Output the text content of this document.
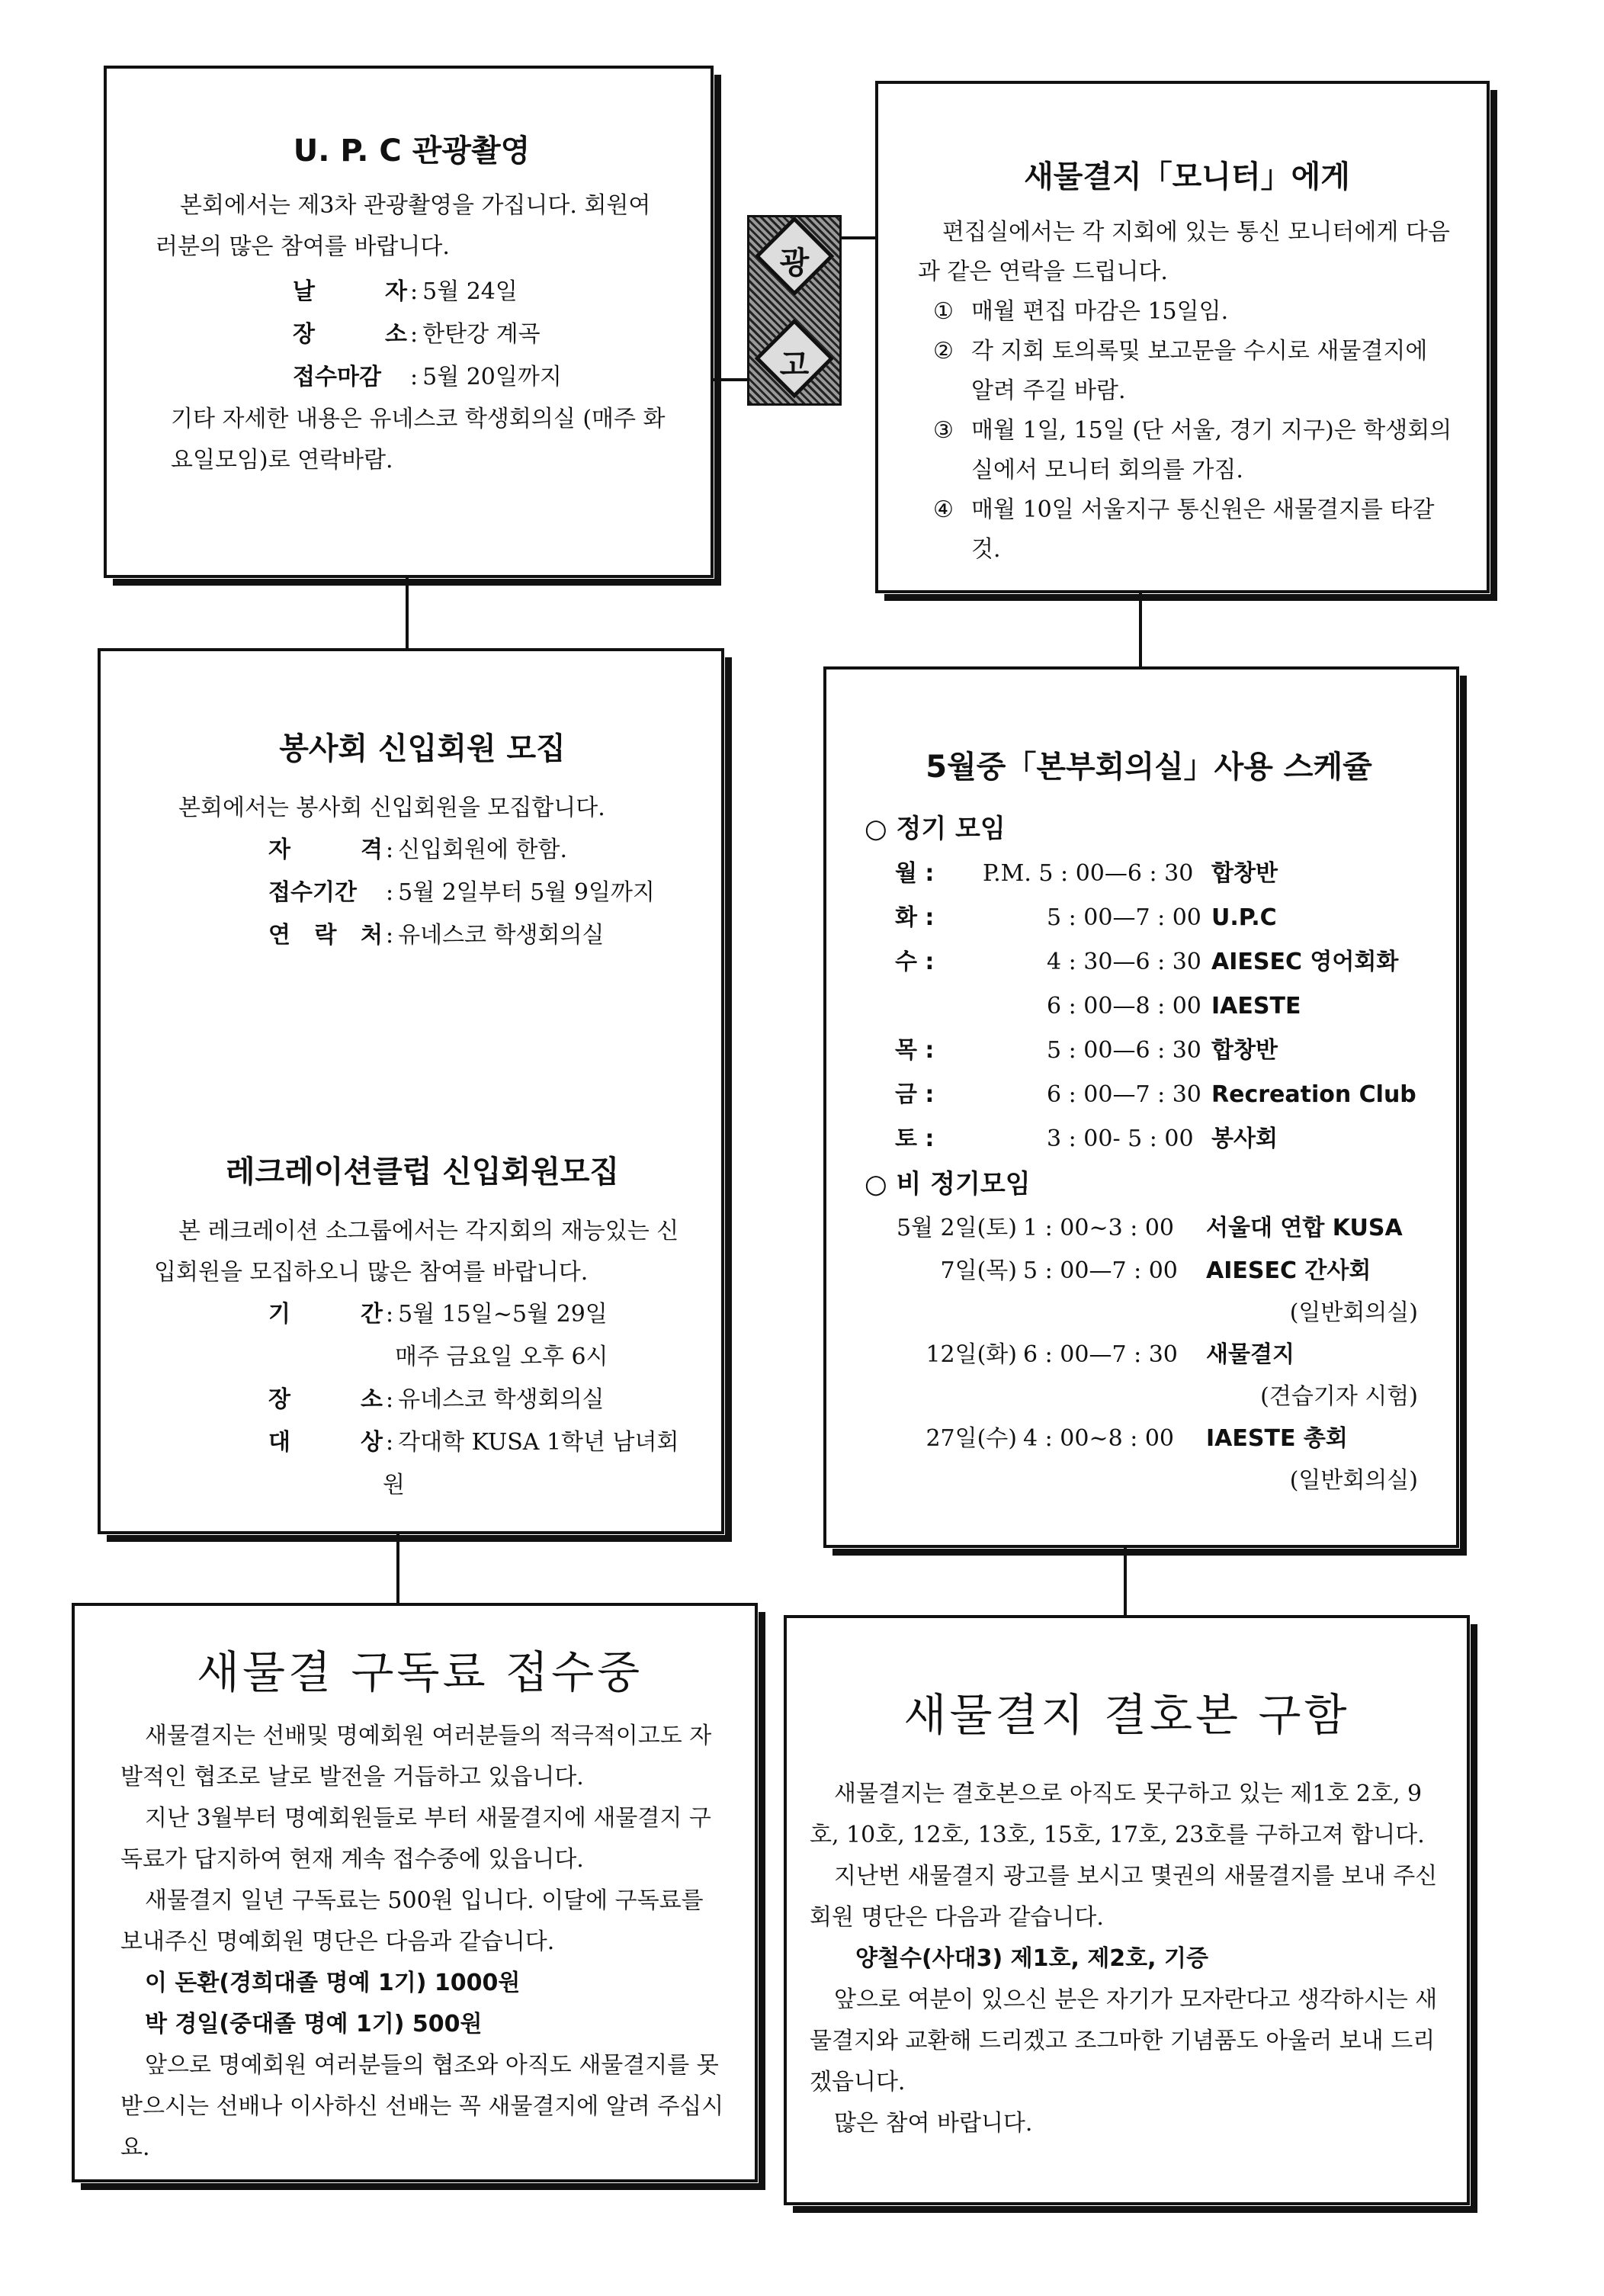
광
고
U. P. C 관광촬영

본회에서는 제3차 관광촬영을 가집니다. 회원여러분의 많은 참여를 바랍니다.

날 자 : 5월 24일
장 소 : 한탄강 계곡
접수마감	: 5월 20일까지

기타 자세한 내용은 유네스코 학생회의실 (매주 화요일모임)로 연락바람.

새물결지「모니터」에게

편집실에서는 각 지회에 있는 통신 모니터에게 다음과 같은 연락을 드립니다.

① 매월 편집 마감은 15일임.
② 각 지회 토의록및 보고문을 수시로 새물결지에 알려 주길 바람.
③ 매월 1일, 15일 (단 서울, 경기 지구)은 학생회의실에서 모니터 회의를 가짐.
④ 매월 10일 서울지구 통신원은 새물결지를 타갈것.
봉사회 신입회원 모집

본회에서는 봉사회 신입회원을 모집합니다.

자 격 : 신입회원에 한함.
접수기간	: 5월 2일부터 5월 9일까지
연 락 처 : 유네스코 학생회의실
레크레이션클럽 신입회원모집

본 레크레이션 소그룹에서는 각지회의 재능있는 신입회원을 모집하오니 많은 참여를 바랍니다.

기 간 : 5월 15일~5월 29일
매주 금요일 오후 6시
장 소 : 유네스코 학생회의실
대 상 : 각대학 KUSA 1학년 남녀회원
5월중「본부회의실」사용 스케쥴
○ 정기 모임
월 :	P.M. 5 : 00—6 : 30 합창반
화 :	5 : 00—7 : 00 U.P.C
수 :	4 : 30—6 : 30 AIESEC 영어회화
6 : 00—8 : 00 IAESTE
목 :	5 : 00—6 : 30 합창반
금 :	6 : 00—7 : 30 Recreation Club
토 :	3 : 00- 5 : 00 봉사회
○ 비 정기모임
5월 2일(토) 1 : 00~3 : 00	서울대 연합 KUSA
7일(목) 5 : 00—7 : 00	AIESEC 간사회
(일반회의실)
12일(화) 6 : 00—7 : 30	새물결지
(견습기자 시험)
27일(수) 4 : 00~8 : 00	IAESTE 총회
(일반회의실)
새물결 구독료 접수중

새물결지는 선배및 명예회원 여러분들의 적극적이고도 자발적인 협조로 날로 발전을 거듭하고 있읍니다.

지난 3월부터 명예회원들로 부터 새물결지에 새물결지 구독료가 답지하여 현재 계속 접수중에 있읍니다.

새물결지 일년 구독료는 500원 입니다. 이달에 구독료를 보내주신 명예회원 명단은 다음과 같습니다.

이 돈환(경희대졸 명예 1기) 1000원

박 경일(중대졸 명예 1기) 500원

앞으로 명예회원 여러분들의 협조와 아직도 새물결지를 못 받으시는 선배나 이사하신 선배는 꼭 새물결지에 알려 주십시요.

새물결지 결호본 구함

새물결지는 결호본으로 아직도 못구하고 있는 제1호 2호, 9호, 10호, 12호, 13호, 15호, 17호, 23호를 구하고져 합니다.

지난번 새물결지 광고를 보시고 몇권의 새물결지를 보내 주신 회원 명단은 다음과 같습니다.

양철수(사대3) 제1호, 제2호, 기증

앞으로 여분이 있으신 분은 자기가 모자란다고 생각하시는 새물결지와 교환해 드리겠고 조그마한 기념품도 아울러 보내 드리겠읍니다.

많은 참여 바랍니다.
